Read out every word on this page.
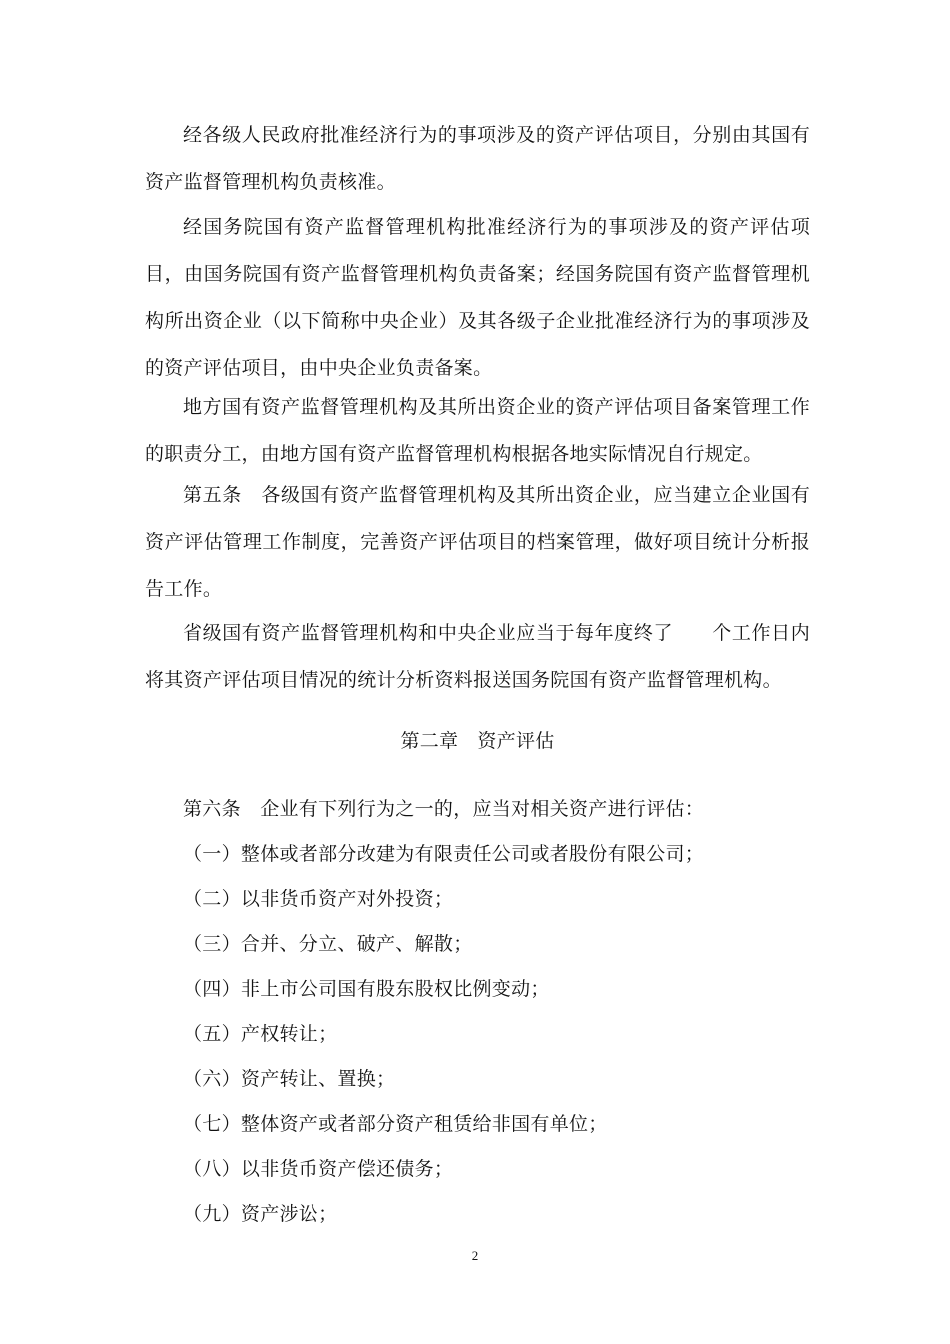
经各级人民政府批准经济行为的事项涉及的资产评估项目，分别由其国有资产监督管理机构负责核准。

经国务院国有资产监督管理机构批准经济行为的事项涉及的资产评估项目，由国务院国有资产监督管理机构负责备案；经国务院国有资产监督管理机构所出资企业（以下简称中央企业）及其各级子企业批准经济行为的事项涉及的资产评估项目，由中央企业负责备案。

地方国有资产监督管理机构及其所出资企业的资产评估项目备案管理工作的职责分工，由地方国有资产监督管理机构根据各地实际情况自行规定。

第五条　各级国有资产监督管理机构及其所出资企业，应当建立企业国有资产评估管理工作制度，完善资产评估项目的档案管理，做好项目统计分析报告工作。

省级国有资产监督管理机构和中央企业应当于每年度终了　　个工作日内将其资产评估项目情况的统计分析资料报送国务院国有资产监督管理机构。

第二章 资产评估

第六条　企业有下列行为之一的，应当对相关资产进行评估：

（一）整体或者部分改建为有限责任公司或者股份有限公司；

（二）以非货币资产对外投资；

（三）合并、分立、破产、解散；

（四）非上市公司国有股东股权比例变动；

（五）产权转让；

（六）资产转让、置换；

（七）整体资产或者部分资产租赁给非国有单位；

（八）以非货币资产偿还债务；

（九）资产涉讼；

2
